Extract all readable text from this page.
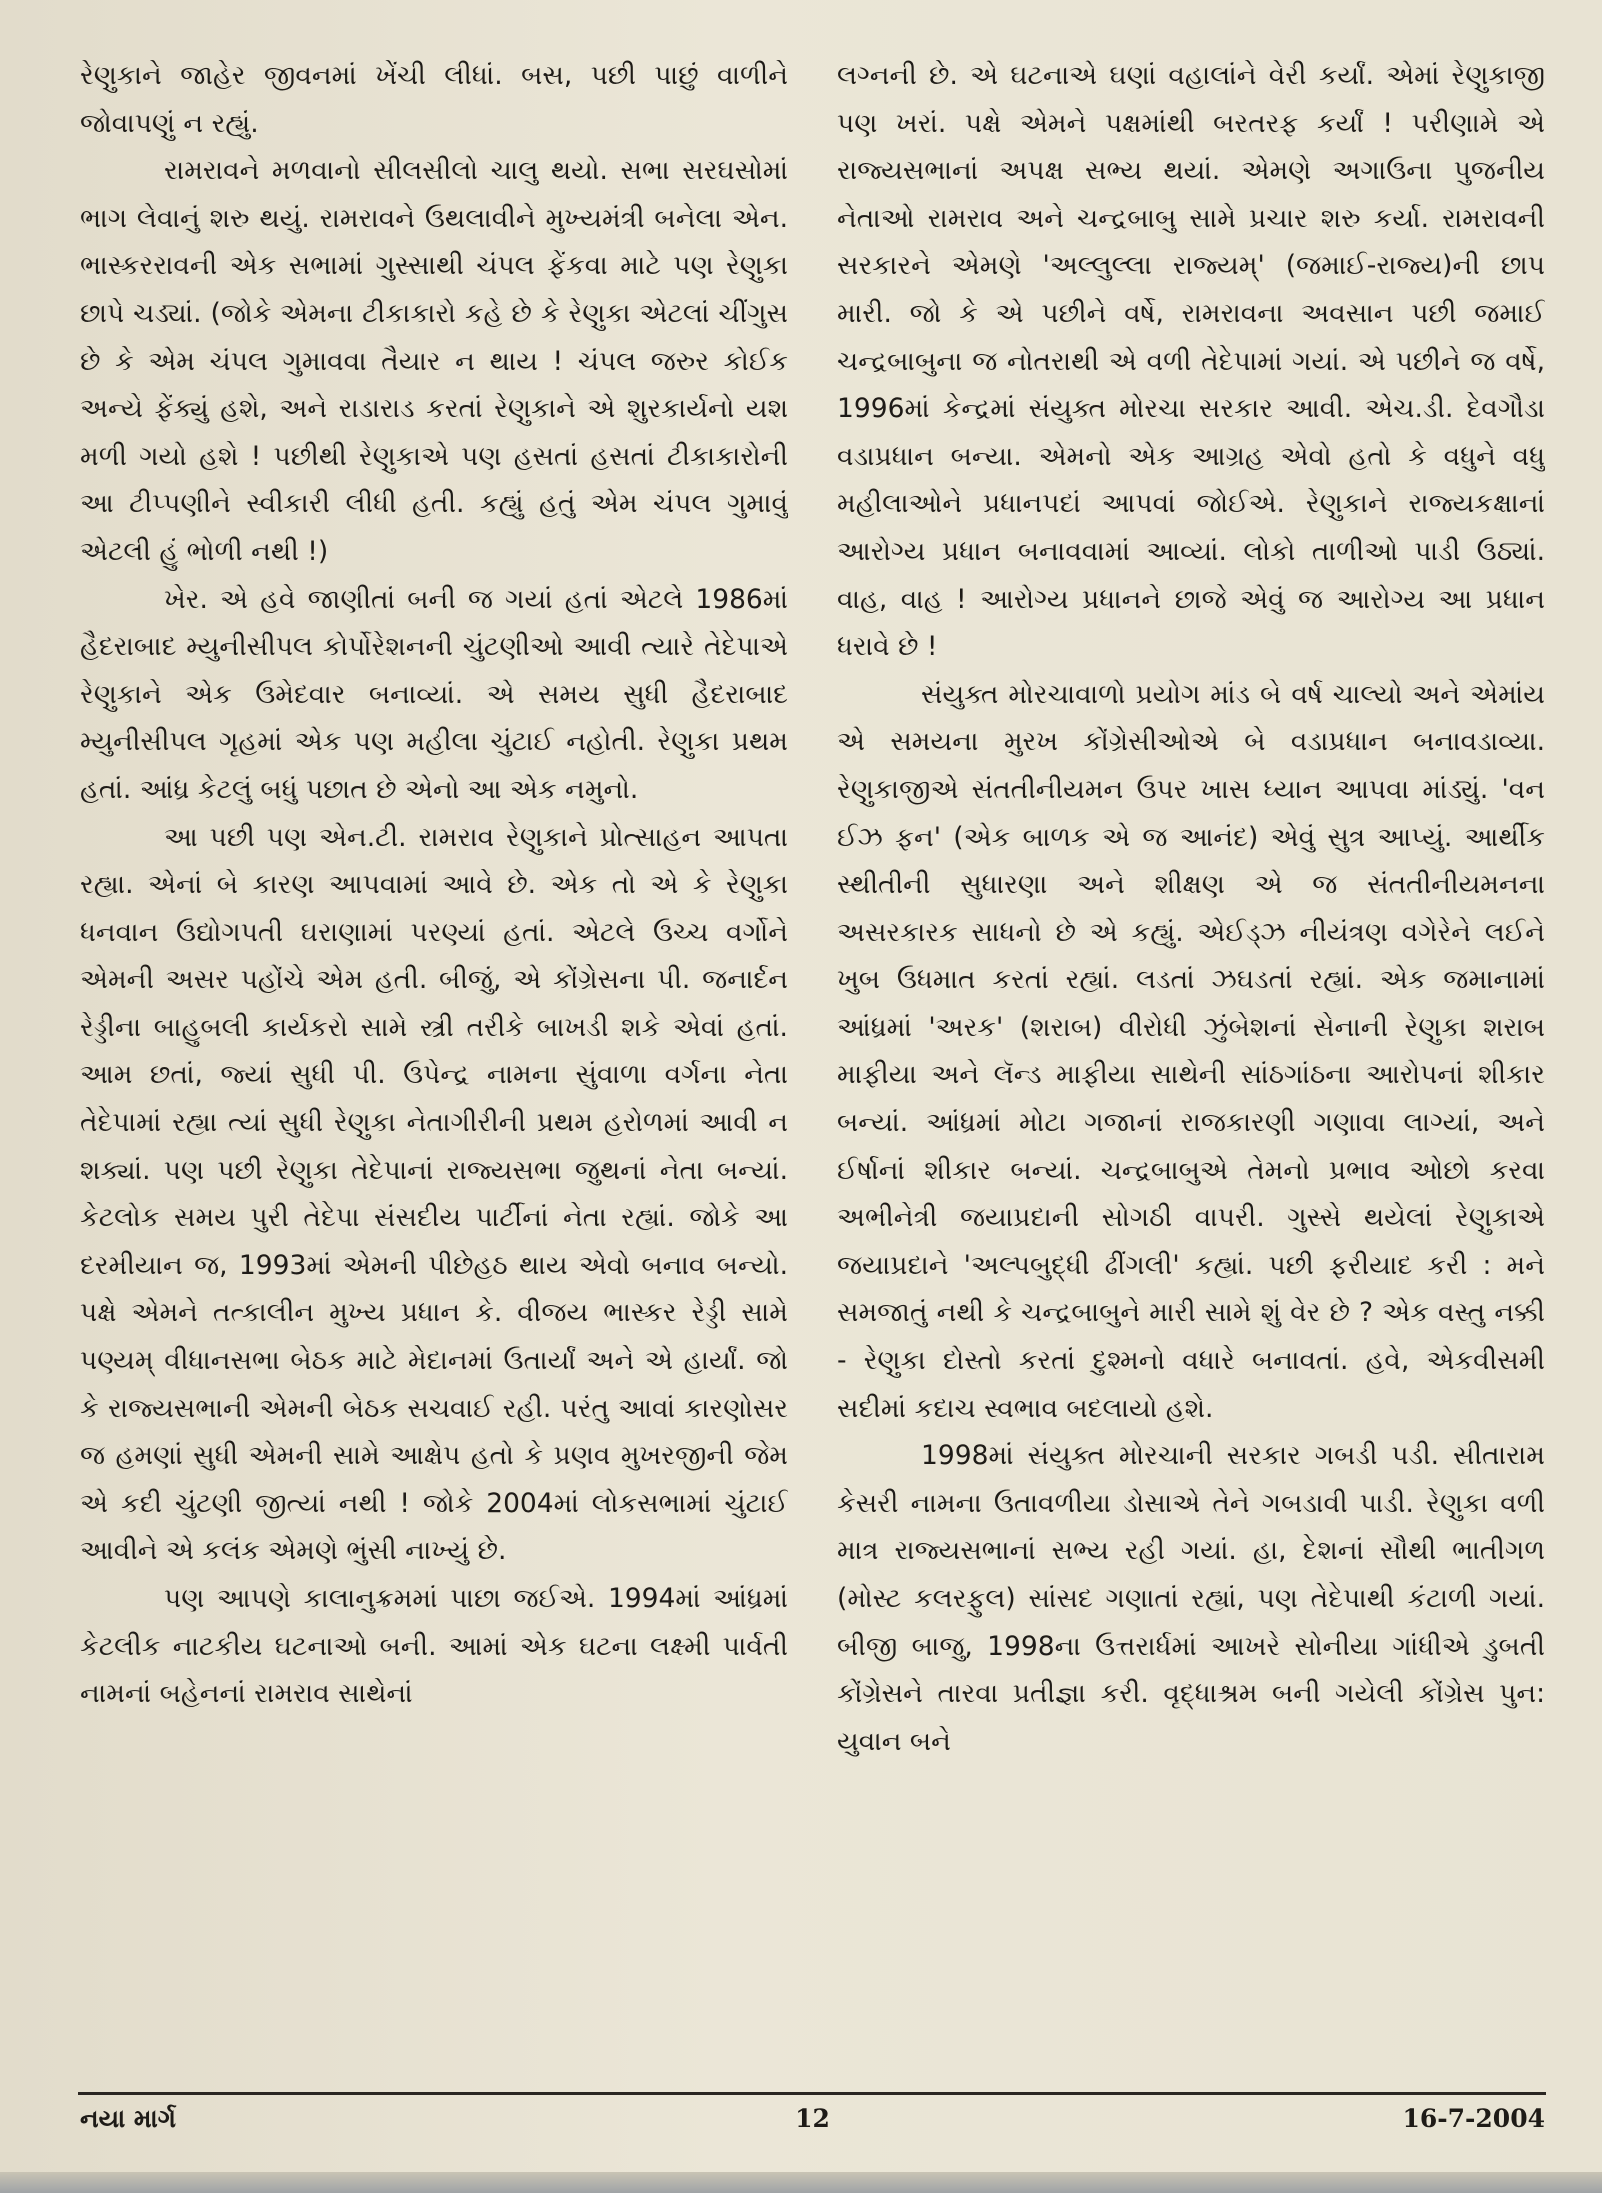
રેણુકાને જાહેર જીવનમાં ખેંચી લીધાં. બસ, પછી પાછું વાળીને જોવાપણું ન રહ્યું.

રામરાવને મળવાનો સીલસીલો ચાલુ થયો. સભા સરઘસોમાં ભાગ લેવાનું શરુ થયું. રામરાવને ઉથલાવીને મુખ્યમંત્રી બનેલા એન. ભાસ્કરરાવની એક સભામાં ગુસ્સાથી ચંપલ ફેંકવા માટે પણ રેણુકા છાપે ચડ્યાં. (જોકે એમના ટીકાકારો કહે છે કે રેણુકા એટલાં ચીંગુસ છે કે એમ ચંપલ ગુમાવવા તૈયાર ન થાય ! ચંપલ જરુર કોઈક અન્યે ફેંક્યું હશે, અને રાડારાડ કરતાં રેણુકાને એ શુરકાર્યનો યશ મળી ગયો હશે ! પછીથી રેણુકાએ પણ હસતાં હસતાં ટીકાકારોની આ ટીપ્પણીને સ્વીકારી લીધી હતી. કહ્યું હતું એમ ચંપલ ગુમાવું એટલી હું ભોળી નથી !)

ખેર. એ હવે જાણીતાં બની જ ગયાં હતાં એટલે 1986માં હૈદરાબાદ મ્યુનીસીપલ કોર્પોરેશનની ચુંટણીઓ આવી ત્યારે તેદેપાએ રેણુકાને એક ઉમેદવાર બનાવ્યાં. એ સમય સુધી હૈદરાબાદ મ્યુનીસીપલ ગૃહમાં એક પણ મહીલા ચુંટાઈ નહોતી. રેણુકા પ્રથમ હતાં. આંધ્ર કેટલું બધું પછાત છે એનો આ એક નમુનો.

આ પછી પણ એન.ટી. રામરાવ રેણુકાને પ્રોત્સાહન આપતા રહ્યા. એનાં બે કારણ આપવામાં આવે છે. એક તો એ કે રેણુકા ધનવાન ઉદ્યોગપતી ઘરાણામાં પરણ્યાં હતાં. એટલે ઉચ્ચ વર્ગોને એમની અસર પહોંચે એમ હતી. બીજું, એ કોંગ્રેસના પી. જનાર્દન રેડ્ડીના બાહુબલી કાર્યકરો સામે સ્ત્રી તરીકે બાખડી શકે એવાં હતાં. આમ છતાં, જ્યાં સુધી પી. ઉપેન્દ્ર નામના સુંવાળા વર્ગના નેતા તેદેપામાં રહ્યા ત્યાં સુધી રેણુકા નેતાગીરીની પ્રથમ હરોળમાં આવી ન શક્યાં. પણ પછી રેણુકા તેદેપાનાં રાજ્યસભા જુથનાં નેતા બન્યાં. કેટલોક સમય પુરી તેદેપા સંસદીય પાર્ટીનાં નેતા રહ્યાં. જોકે આ દરમીયાન જ, 1993માં એમની પીછેહઠ થાય એવો બનાવ બન્યો. પક્ષે એમને તત્કાલીન મુખ્ય પ્રધાન કે. વીજય ભાસ્કર રેડ્ડી સામે પણ્યમ્ વીધાનસભા બેઠક માટે મેદાનમાં ઉતાર્યાં અને એ હાર્યાં. જો કે રાજ્યસભાની એમની બેઠક સચવાઈ રહી. પરંતુ આવાં કારણોસર જ હમણાં સુધી એમની સામે આક્ષેપ હતો કે પ્રણવ મુખરજીની જેમ એ કદી ચુંટણી જીત્યાં નથી ! જોકે 2004માં લોકસભામાં ચુંટાઈ આવીને એ કલંક એમણે ભુંસી નાખ્યું છે.

પણ આપણે કાલાનુક્રમમાં પાછા જઈએ. 1994માં આંધ્રમાં કેટલીક નાટકીય ઘટનાઓ બની. આમાં એક ઘટના લક્ષ્મી પાર્વતી નામનાં બહેનનાં રામરાવ સાથેનાં

લગ્નની છે. એ ઘટનાએ ઘણાં વહાલાંને વેરી કર્યાં. એમાં રેણુકાજી પણ ખરાં. પક્ષે એમને પક્ષમાંથી બરતરફ કર્યાં ! પરીણામે એ રાજ્યસભાનાં અપક્ષ સભ્ય થયાં. એમણે અગાઉના પુજનીય નેતાઓ રામરાવ અને ચન્દ્રબાબુ સામે પ્રચાર શરુ કર્યા. રામરાવની સરકારને એમણે 'અલ્લુલ્લા રાજ્યમ્' (જમાઈ-રાજ્ય)ની છાપ મારી. જો કે એ પછીને વર્ષે, રામરાવના અવસાન પછી જમાઈ ચન્દ્રબાબુના જ નોતરાથી એ વળી તેદેપામાં ગયાં. એ પછીને જ વર્ષે, 1996માં કેન્દ્રમાં સંયુક્ત મોરચા સરકાર આવી. એચ.ડી. દેવગૌડા વડાપ્રધાન બન્યા. એમનો એક આગ્રહ એવો હતો કે વધુને વધુ મહીલાઓને પ્રધાનપદાં આપવાં જોઈએ. રેણુકાને રાજ્યકક્ષાનાં આરોગ્ય પ્રધાન બનાવવામાં આવ્યાં. લોકો તાળીઓ પાડી ઉઠ્યાં. વાહ, વાહ ! આરોગ્ય પ્રધાનને છાજે એવું જ આરોગ્ય આ પ્રધાન ધરાવે છે !

સંયુક્ત મોરચાવાળો પ્રયોગ માંડ બે વર્ષ ચાલ્યો અને એમાંય એ સમયના મુરખ કોંગ્રેસીઓએ બે વડાપ્રધાન બનાવડાવ્યા. રેણુકાજીએ સંતતીનીયમન ઉપર ખાસ ધ્યાન આપવા માંડ્યું. 'વન ઈઝ ફન' (એક બાળક એ જ આનંદ) એવું સુત્ર આપ્યું. આર્થીક સ્થીતીની સુધારણા અને શીક્ષણ એ જ સંતતીનીયમનના અસરકારક સાધનો છે એ કહ્યું. એઈડ્ઝ નીયંત્રણ વગેરેને લઈને ખુબ ઉધમાત કરતાં રહ્યાં. લડતાં ઝઘડતાં રહ્યાં. એક જમાનામાં આંધ્રમાં 'અરક' (શરાબ) વીરોધી ઝુંબેશનાં સેનાની રેણુકા શરાબ માફીયા અને લૅન્ડ માફીયા સાથેની સાંઠગાંઠના આરોપનાં શીકાર બન્યાં. આંધ્રમાં મોટા ગજાનાં રાજકારણી ગણાવા લાગ્યાં, અને ઈર્ષાનાં શીકાર બન્યાં. ચન્દ્રબાબુએ તેમનો પ્રભાવ ઓછો કરવા અભીનેત્રી જયાપ્રદાની સોગઠી વાપરી. ગુસ્સે થયેલાં રેણુકાએ જયાપ્રદાને 'અલ્પબુદ્ધી ઢીંગલી' કહ્યાં. પછી ફરીયાદ કરી : મને સમજાતું નથી કે ચન્દ્રબાબુને મારી સામે શું વેર છે ? એક વસ્તુ નક્કી - રેણુકા દોસ્તો કરતાં દુશ્મનો વધારે બનાવતાં. હવે, એકવીસમી સદીમાં કદાચ સ્વભાવ બદલાયો હશે.

1998માં સંયુક્ત મોરચાની સરકાર ગબડી પડી. સીતારામ કેસરી નામના ઉતાવળીયા ડોસાએ તેને ગબડાવી પાડી. રેણુકા વળી માત્ર રાજ્યસભાનાં સભ્ય રહી ગયાં. હા, દેશનાં સૌથી ભાતીગળ (મોસ્ટ કલરફુલ) સાંસદ ગણાતાં રહ્યાં, પણ તેદેપાથી કંટાળી ગયાં. બીજી બાજુ, 1998ના ઉત્તરાર્ધમાં આખરે સોનીયા ગાંધીએ ડુબતી કોંગ્રેસને તારવા પ્રતીજ્ઞા કરી. વૃદ્ધાશ્રમ બની ગયેલી કોંગ્રેસ પુન: યુવાન બને

નયા માર્ગ	12	16-7-2004
